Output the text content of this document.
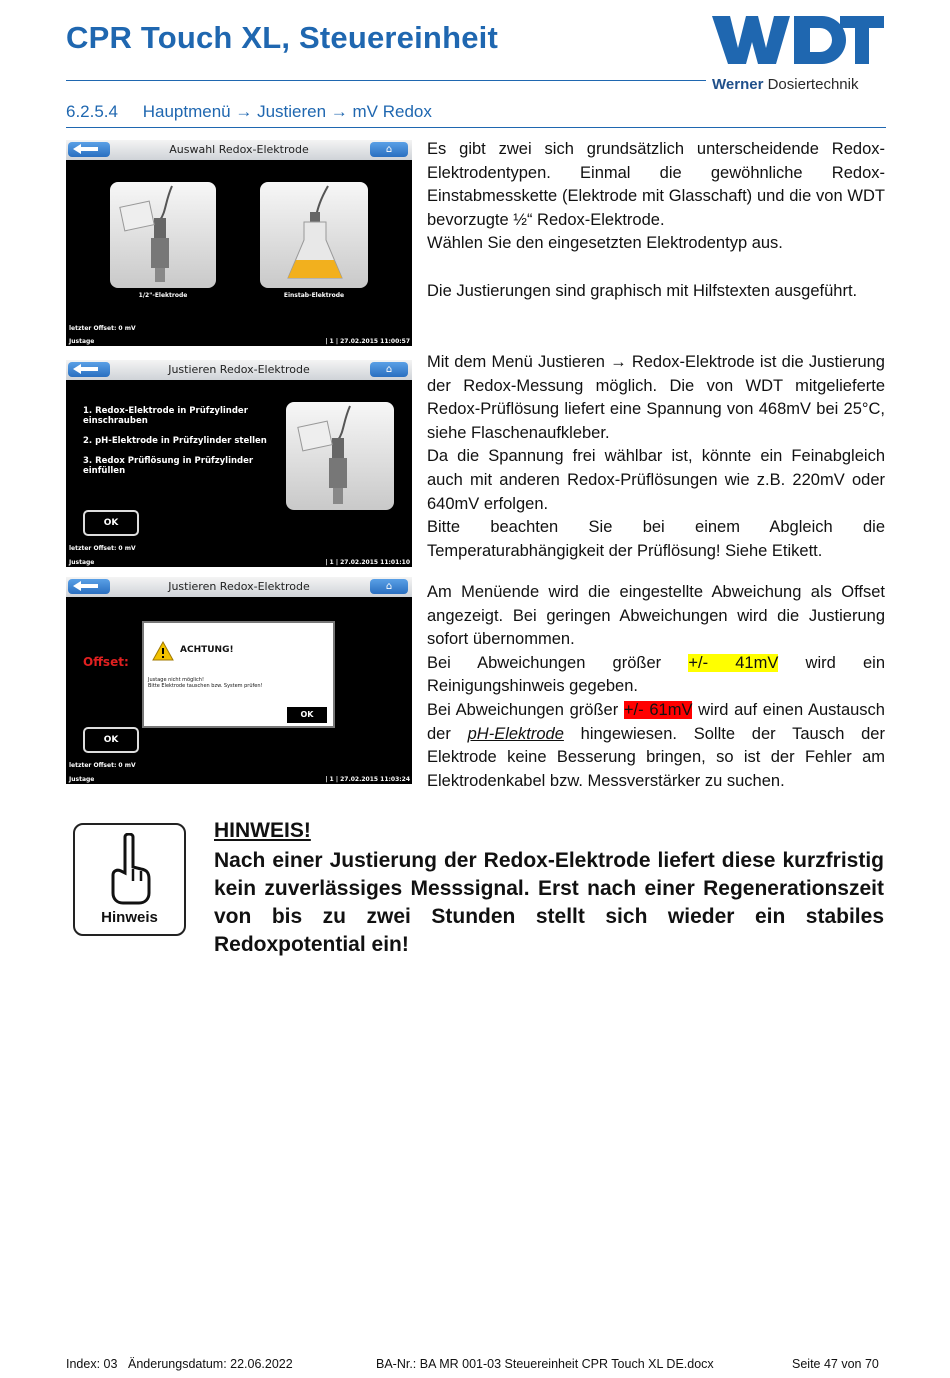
CPR Touch XL, Steuereinheit
Werner Dosiertechnik
6.2.5.4 Hauptmenü → Justieren → mV Redox
Auswahl Redox-Elektrode	⌂
1/2"-Elektrode	Einstab-Elektrode
letzter Offset: 0 mV
Justage	| 1 | 27.02.2015 11:00:57
Justieren Redox-Elektrode	⌂
1. Redox-Elektrode in Prüfzylinder einschrauben
2. pH-Elektrode in Prüfzylinder stellen
3. Redox Prüflösung in Prüfzylinder einfüllen
OK
letzter Offset: 0 mV
Justage	| 1 | 27.02.2015 11:01:10
Justieren Redox-Elektrode	⌂
Offset:
ACHTUNG!
Justage nicht möglich!
Bitte Elektrode tauschen bzw. System prüfen!
OK
OK
letzter Offset: 0 mV
Justage	| 1 | 27.02.2015 11:03:24

Es gibt zwei sich grundsätzlich unterscheidende Redox- Elektrodentypen. Einmal die gewöhnliche Redox-Einstabmesskette (Elektrode mit Glasschaft) und die von WDT bevorzugte ½“ Redox-Elektrode.

Wählen Sie den eingesetzten Elektrodentyp aus.

Die Justierungen sind graphisch mit Hilfstexten ausgeführt.

Mit dem Menü Justieren → Redox-Elektrode ist die Justierung der Redox-Messung möglich. Die von WDT mitgelieferte Redox-Prüflösung liefert eine Spannung von 468mV bei 25°C, siehe Flaschenaufkleber.

Da die Spannung frei wählbar ist, könnte ein Feinabgleich auch mit anderen Redox-Prüflösungen wie z.B. 220mV oder 640mV erfolgen.

Bitte beachten Sie bei einem Abgleich die Temperaturabhängigkeit der Prüflösung! Siehe Etikett.

Am Menüende wird die eingestellte Abweichung als Offset angezeigt. Bei geringen Abweichungen wird die Justierung sofort übernommen.

Bei Abweichungen größer +/- 41mV wird ein Reinigungshinweis gegeben.

Bei Abweichungen größer +/- 61mV wird auf einen Austausch der pH-Elektrode hingewiesen. Sollte der Tausch der Elektrode keine Besserung bringen, so ist der Fehler am Elektrodenkabel bzw. Messverstärker zu suchen.

Hinweis
HINWEIS!
Nach einer Justierung der Redox-Elektrode liefert diese kurzfristig kein zuverlässiges Messsignal. Erst nach einer Regenerationszeit von bis zu zwei Stunden stellt sich wieder ein stabiles Redoxpotential ein!
Index: 03 Änderungsdatum: 22.06.2022	BA-Nr.: BA MR 001-03 Steuereinheit CPR Touch XL DE.docx	Seite 47 von 70
